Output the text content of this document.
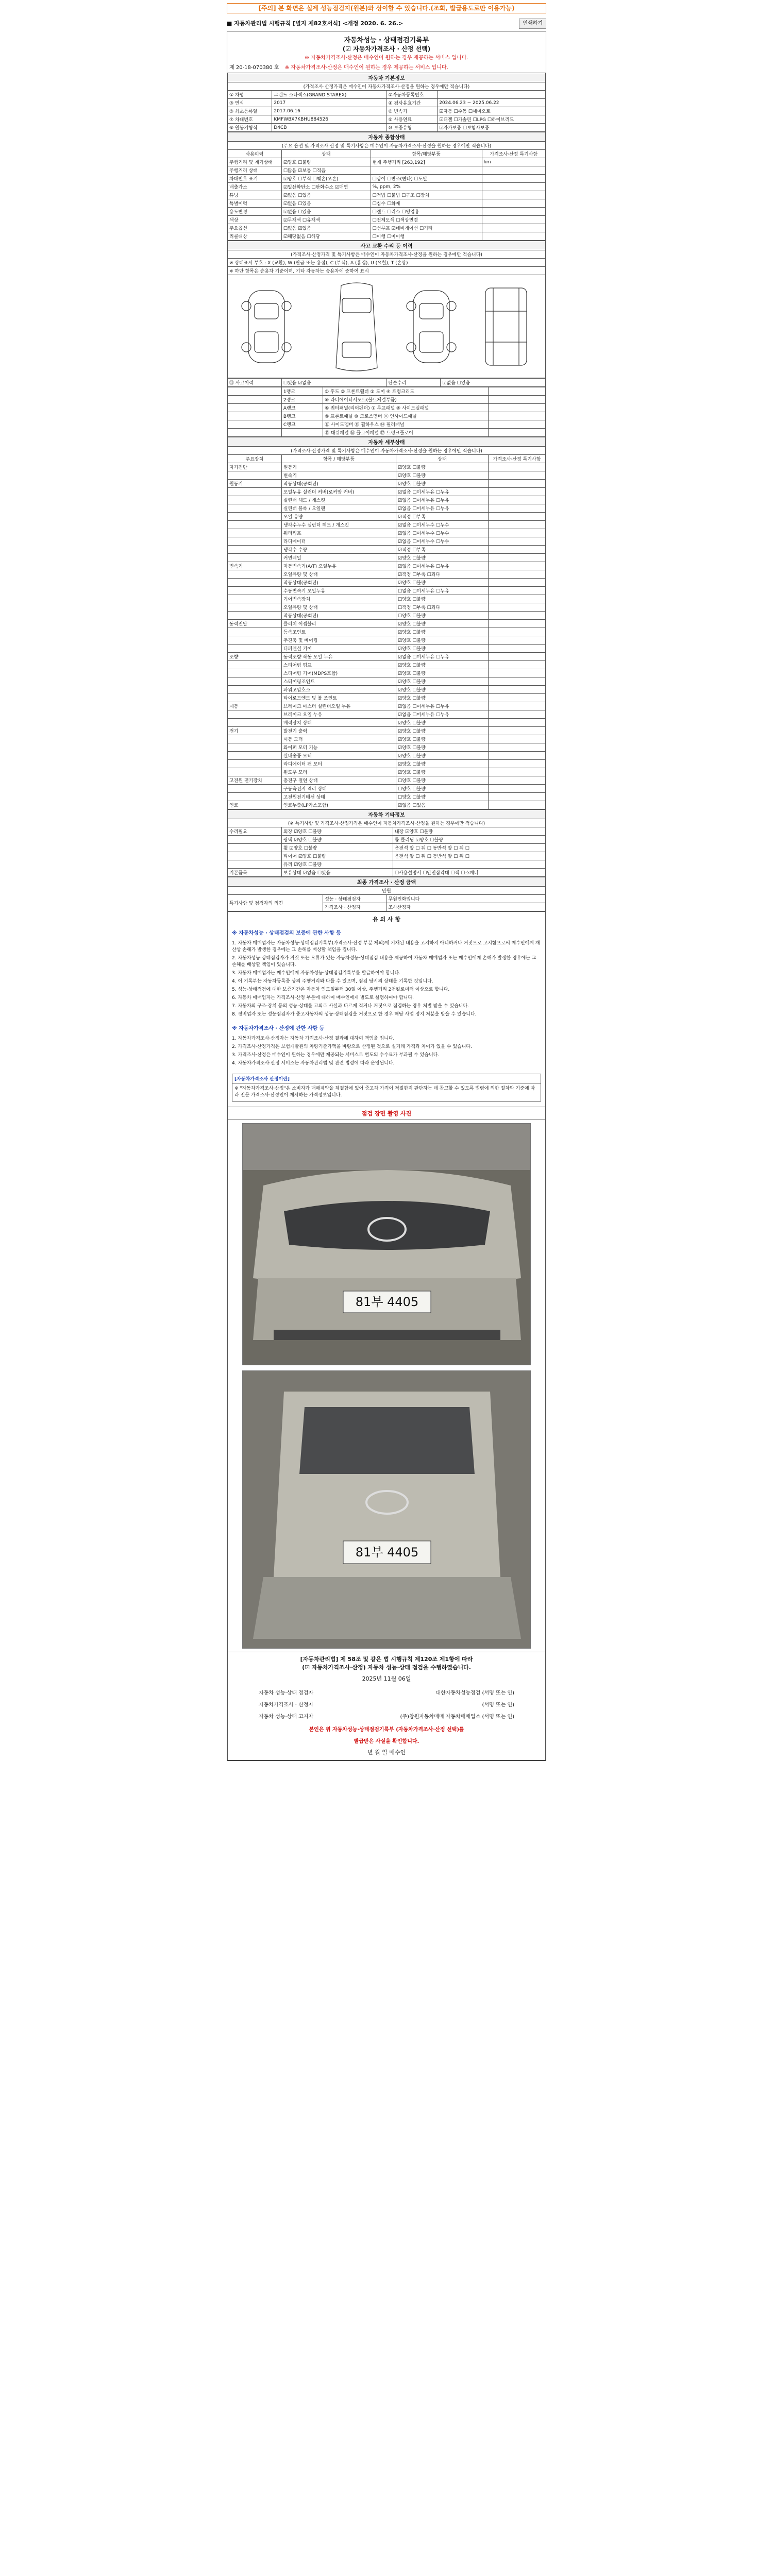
[주의] 본 화면은 실제 성능점검지(원본)와 상이할 수 있습니다.(조회, 발급용도로만 이용가능)
■ 자동차관리법 시행규칙 [별지 제82호서식] <개정 2020. 6. 26.>	인쇄하기
자동차성능 · 상태점검기록부
(☑ 자동차가격조사 · 산정 선택)
※ 자동차가격조사·산정은 매수인이 원하는 경우 제공하는 서비스 입니다.
제 20-18-070380 호 ※ 자동차가격조사·산정은 매수인이 원하는 경우 제공하는 서비스 입니다.
자동차 기본정보			
(가격조사·산정가격은 매수인이 자동차가격조사·산정을 원하는 경우에만 적습니다)			
① 차명	그랜드 스타렉스(GRAND STAREX)	②자동차등록번호	
③ 연식	2017	④ 검사유효기간	2024.06.23 ~ 2025.06.22
⑤ 최초등록일	2017.06.16	⑥ 변속기	☑자동 ☐수동 ☐세미오토
⑦ 차대번호	KMFWBX7KBHU884526	⑧ 사용연료	☑디젤 ☐가솔린 ☐LPG ☐하이브리드
⑨ 원동기형식	D4CB	⑩ 보증유형	☑자가보증 ☐보험사보증
자동차 종합상태			
(주요 옵션 및 가격조사·산정 및 특기사항은 매수인이 자동차가격조사·산정을 원하는 경우에만 적습니다)			
사용이력	상태	항목/해당부품	가격조사·산정 특기사항
주행거리 및 계기상태	☑양호 ☐불량	현재 주행거리 [263,192]	km
주행거리 상태	☐많음 ☑보통 ☐적음		
차대번호 표기	☑양호 ☐부식 ☐훼손(오손)	☐상이 ☐변조(변타) ☐도말	
배출가스	☑일산화탄소 ☐탄화수소 ☑매연	%, ppm, 2%	
튜닝	☑없음 ☐있음	☐적법 ☐불법 ☐구조 ☐장치	
특별이력	☑없음 ☐있음	☐침수 ☐화재	
용도변경	☑없음 ☐있음	☐렌트 ☐리스 ☐영업용	
색상	☑무채색 ☐유채색	☐전체도색 ☐색상변경	
주요옵션	☐없음 ☑있음	☐선루프 ☑네비게이션 ☐기타	
리콜대상	☑해당없음 ☐해당	☐이행 ☐미이행	
사고 교환 수리 등 이력
(가격조사·산정가격 및 특기사항은 매수인이 자동차가격조사·산정을 원하는 경우에만 적습니다)
※ 상태표시 부호 : X (교환), W (판금 또는 용접), C (부식), A (흠집), U (요철), T (손상)
※ 하단 항목은 승용차 기준이며, 기타 자동차는 승용차에 준하여 표시
⑪ 사고이력	☐있음 ☑없음	단순수리	☑없음 ☐있음
	1랭크	① 후드 ② 프론트휀더 ③ 도어 ④ 트렁크리드	
	2랭크	⑤ 라디에이터서포트(볼트체결부품)	
	A랭크	⑥ 쿼터패널(리어펜더) ⑦ 루프패널 ⑧ 사이드실패널	
	B랭크	⑨ 프론트패널 ⑩ 크로스멤버 ⑪ 인사이드패널	
	C랭크	⑫ 사이드멤버 ⑬ 휠하우스 ⑭ 필러패널	
		⑮ 대쉬패널 ⑯ 플로어패널 ⑰ 트렁크플로어	
자동차 세부상태			
(가격조사·산정가격 및 특기사항은 매수인이 자동차가격조사·산정을 원하는 경우에만 적습니다)			
주요장치	항목 / 해당부품	상태	가격조사·산정 특기사항
자기진단	원동기	☑양호 ☐불량	
	변속기	☑양호 ☐불량	
원동기	작동상태(공회전)	☑양호 ☐불량	
	오일누유 실린더 커버(로커암 커버)	☑없음 ☐미세누유 ☐누유	
	실린더 헤드 / 개스킷	☑없음 ☐미세누유 ☐누유	
	실린더 블록 / 오일팬	☑없음 ☐미세누유 ☐누유	
	오일 유량	☑적정 ☐부족	
	냉각수누수 실린더 헤드 / 개스킷	☑없음 ☐미세누수 ☐누수	
	워터펌프	☑없음 ☐미세누수 ☐누수	
	라디에이터	☑없음 ☐미세누수 ☐누수	
	냉각수 수량	☑적정 ☐부족	
	커먼레일	☑양호 ☐불량	
변속기	자동변속기(A/T) 오일누유	☑없음 ☐미세누유 ☐누유	
	오일유량 및 상태	☑적정 ☐부족 ☐과다	
	작동상태(공회전)	☑양호 ☐불량	
	수동변속기 오일누유	☐없음 ☐미세누유 ☐누유	
	기어변속장치	☐양호 ☐불량	
	오일유량 및 상태	☐적정 ☐부족 ☐과다	
	작동상태(공회전)	☐양호 ☐불량	
동력전달	클러치 어셈블리	☑양호 ☐불량	
	등속조인트	☑양호 ☐불량	
	추진축 및 베어링	☑양호 ☐불량	
	디퍼렌셜 기어	☑양호 ☐불량	
조향	동력조향 작동 오일 누유	☑없음 ☐미세누유 ☐누유	
	스티어링 펌프	☑양호 ☐불량	
	스티어링 기어(MDPS포함)	☑양호 ☐불량	
	스티어링조인트	☑양호 ☐불량	
	파워고압호스	☑양호 ☐불량	
	타이로드엔드 및 볼 조인트	☑양호 ☐불량	
제동	브레이크 마스터 실린더오일 누유	☑없음 ☐미세누유 ☐누유	
	브레이크 오일 누유	☑없음 ☐미세누유 ☐누유	
	배력장치 상태	☑양호 ☐불량	
전기	발전기 출력	☑양호 ☐불량	
	시동 모터	☑양호 ☐불량	
	와이퍼 모터 기능	☑양호 ☐불량	
	실내송풍 모터	☑양호 ☐불량	
	라디에이터 팬 모터	☑양호 ☐불량	
	윈도우 모터	☑양호 ☐불량	
고전원 전기장치	충전구 절연 상태	☐양호 ☐불량	
	구동축전지 격리 상태	☐양호 ☐불량	
	고전원전기배선 상태	☐양호 ☐불량	
연료	연료누출(LP가스포함)	☑없음 ☐있음	
자동차 기타정보		
(※ 특기사항 및 가격조사·산정가격은 매수인이 자동차가격조사·산정을 원하는 경우에만 적습니다)		
수리필요	외장 ☑양호 ☐불량	내장 ☑양호 ☐불량
	광택 ☑양호 ☐불량	룸 클리닝 ☑양호 ☐불량
	휠 ☑양호 ☐불량	운전석 앞 ☐ 뒤 ☐ 동반석 앞 ☐ 뒤 ☐
	타이어 ☑양호 ☐불량	운전석 앞 ☐ 뒤 ☐ 동반석 앞 ☐ 뒤 ☐
	유리 ☑양호 ☐불량	
기본품목	보유상태 ☑없음 ☐있음	☐사용설명서 ☐안전삼각대 ☐잭 ☐스패너
최종 가격조사 · 산정 금액		
만원		
특기사항 및 점검자의 의견	성능 · 상태점검자	무원인화입니다
	가격조사 · 산정자	조사산정자
유 의 사 항
※ 자동차성능 · 상태점검의 보증에 관한 사항 등

1. 자동차 매매업자는 자동차성능·상태점검기록부(가격조사·산정 부분 제외)에 기재된 내용을 고지하지 아니하거나 거짓으로 고지함으로써 매수인에게 재산상 손해가 발생한 경우에는 그 손해를 배상할 책임을 집니다.

2. 자동차성능·상태점검자가 거짓 또는 오류가 있는 자동차성능·상태점검 내용을 제공하여 자동차 매매업자 또는 매수인에게 손해가 발생한 경우에는 그 손해를 배상할 책임이 있습니다.

3. 자동차 매매업자는 매수인에게 자동차성능·상태점검기록부를 발급하여야 합니다.

4. 이 기록부는 자동차등록증 상의 주행거리와 다를 수 있으며, 점검 당시의 상태를 기록한 것입니다.

5. 성능·상태점검에 대한 보증기간은 자동차 인도일부터 30일 이상, 주행거리 2천킬로미터 이상으로 합니다.

6. 자동차 매매업자는 가격조사·산정 부분에 대하여 매수인에게 별도로 설명하여야 합니다.

7. 자동차의 구조·장치 등의 성능·상태를 고의로 사실과 다르게 적거나 거짓으로 점검하는 경우 처벌 받을 수 있습니다.

8. 정비업자 또는 성능점검자가 중고자동차의 성능·상태점검을 거짓으로 한 경우 해당 사업 정지 처분을 받을 수 있습니다.

※ 자동차가격조사 · 산정에 관한 사항 등

1. 자동차가격조사·산정자는 자동차 가격조사·산정 결과에 대하여 책임을 집니다.

2. 가격조사·산정가격은 보험개발원의 차량기준가액을 바탕으로 산정된 것으로 실거래 가격과 차이가 있을 수 있습니다.

3. 가격조사·산정은 매수인이 원하는 경우에만 제공되는 서비스로 별도의 수수료가 부과될 수 있습니다.

4. 자동차가격조사·산정 서비스는 자동차관리법 및 관련 법령에 따라 운영됩니다.

[자동차가격조사 산정이란]
※ "자동차가격조사·산정"은 소비자가 매매계약을 체결함에 있어 중고차 가격이 적절한지 판단하는 데 참고할 수 있도록 법령에 의한 절차와 기준에 따라 전문 가격조사·산정인이 제시하는 가격정보입니다.
점검 장면 촬영 사진
81부 4405
81부 4405
[자동차관리법] 제 58조 및 같은 법 시행규칙 제120조 제1항에 따라
(☑ 자동차가격조사·산정) 자동차 성능·상태 점검을 수행하였습니다.
2025년 11월 06일
자동차 성능·상태 점검자	대한자동차성능점검 (서명 또는 인)
자동차가격조사 · 산정자	(서명 또는 인)
자동차 성능·상태 고지자	(주)창원자동차매매 자동차매매업소 (서명 또는 인)
본인은 위 자동차성능·상태점검기록부 (자동차가격조사·산정 선택)를
발급받은 사실을 확인합니다.
년 월 일 매수인
